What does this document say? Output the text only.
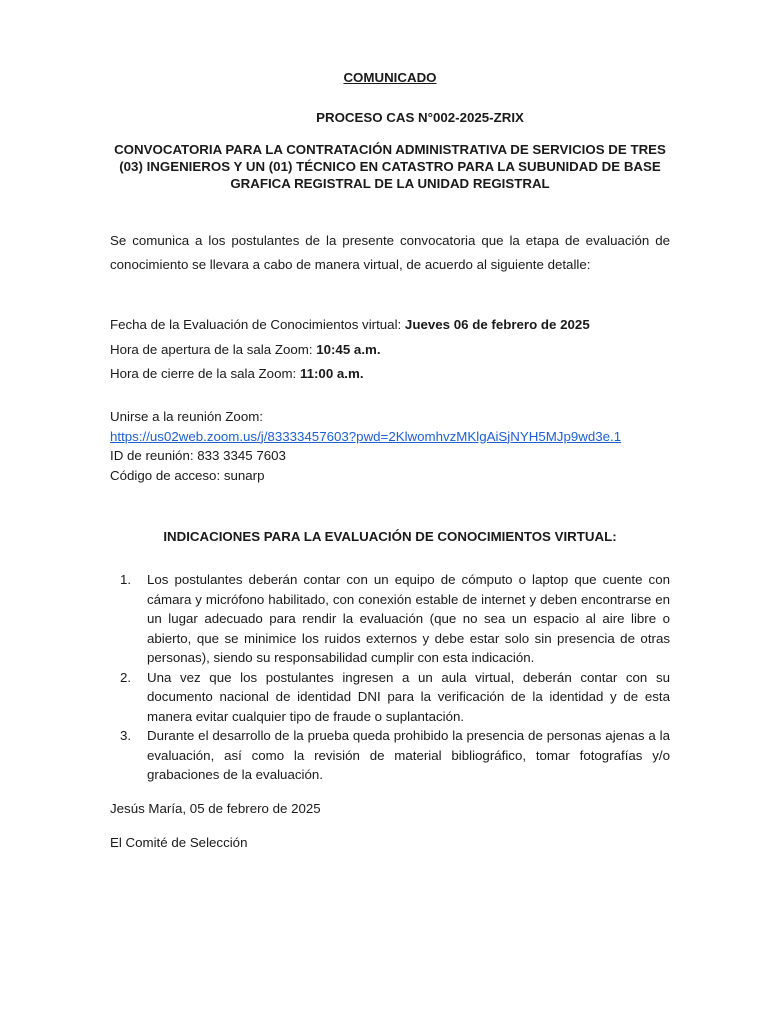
COMUNICADO
PROCESO CAS N°002-2025-ZRIX
CONVOCATORIA PARA LA CONTRATACIÓN ADMINISTRATIVA DE SERVICIOS DE TRES (03) INGENIEROS Y UN (01) TÉCNICO EN CATASTRO PARA LA SUBUNIDAD DE BASE GRAFICA REGISTRAL DE LA UNIDAD REGISTRAL
Se comunica a los postulantes de la presente convocatoria que la etapa de evaluación de conocimiento se llevara a cabo de manera virtual, de acuerdo al siguiente detalle:
Fecha de la Evaluación de Conocimientos virtual: Jueves 06 de febrero de 2025
Hora de apertura de la sala Zoom: 10:45 a.m.
Hora de cierre de la sala Zoom: 11:00 a.m.
Unirse a la reunión Zoom:
https://us02web.zoom.us/j/83333457603?pwd=2KlwomhvzMKlgAiSjNYH5MJp9wd3e.1
ID de reunión: 833 3345 7603
Código de acceso: sunarp
INDICACIONES PARA LA EVALUACIÓN DE CONOCIMIENTOS VIRTUAL:
1. Los postulantes deberán contar con un equipo de cómputo o laptop que cuente con cámara y micrófono habilitado, con conexión estable de internet y deben encontrarse en un lugar adecuado para rendir la evaluación (que no sea un espacio al aire libre o abierto, que se minimice los ruidos externos y debe estar solo sin presencia de otras personas), siendo su responsabilidad cumplir con esta indicación.
2. Una vez que los postulantes ingresen a un aula virtual, deberán contar con su documento nacional de identidad DNI para la verificación de la identidad y de esta manera evitar cualquier tipo de fraude o suplantación.
3. Durante el desarrollo de la prueba queda prohibido la presencia de personas ajenas a la evaluación, así como la revisión de material bibliográfico, tomar fotografías y/o grabaciones de la evaluación.
Jesús María, 05 de febrero de 2025
El Comité de Selección
